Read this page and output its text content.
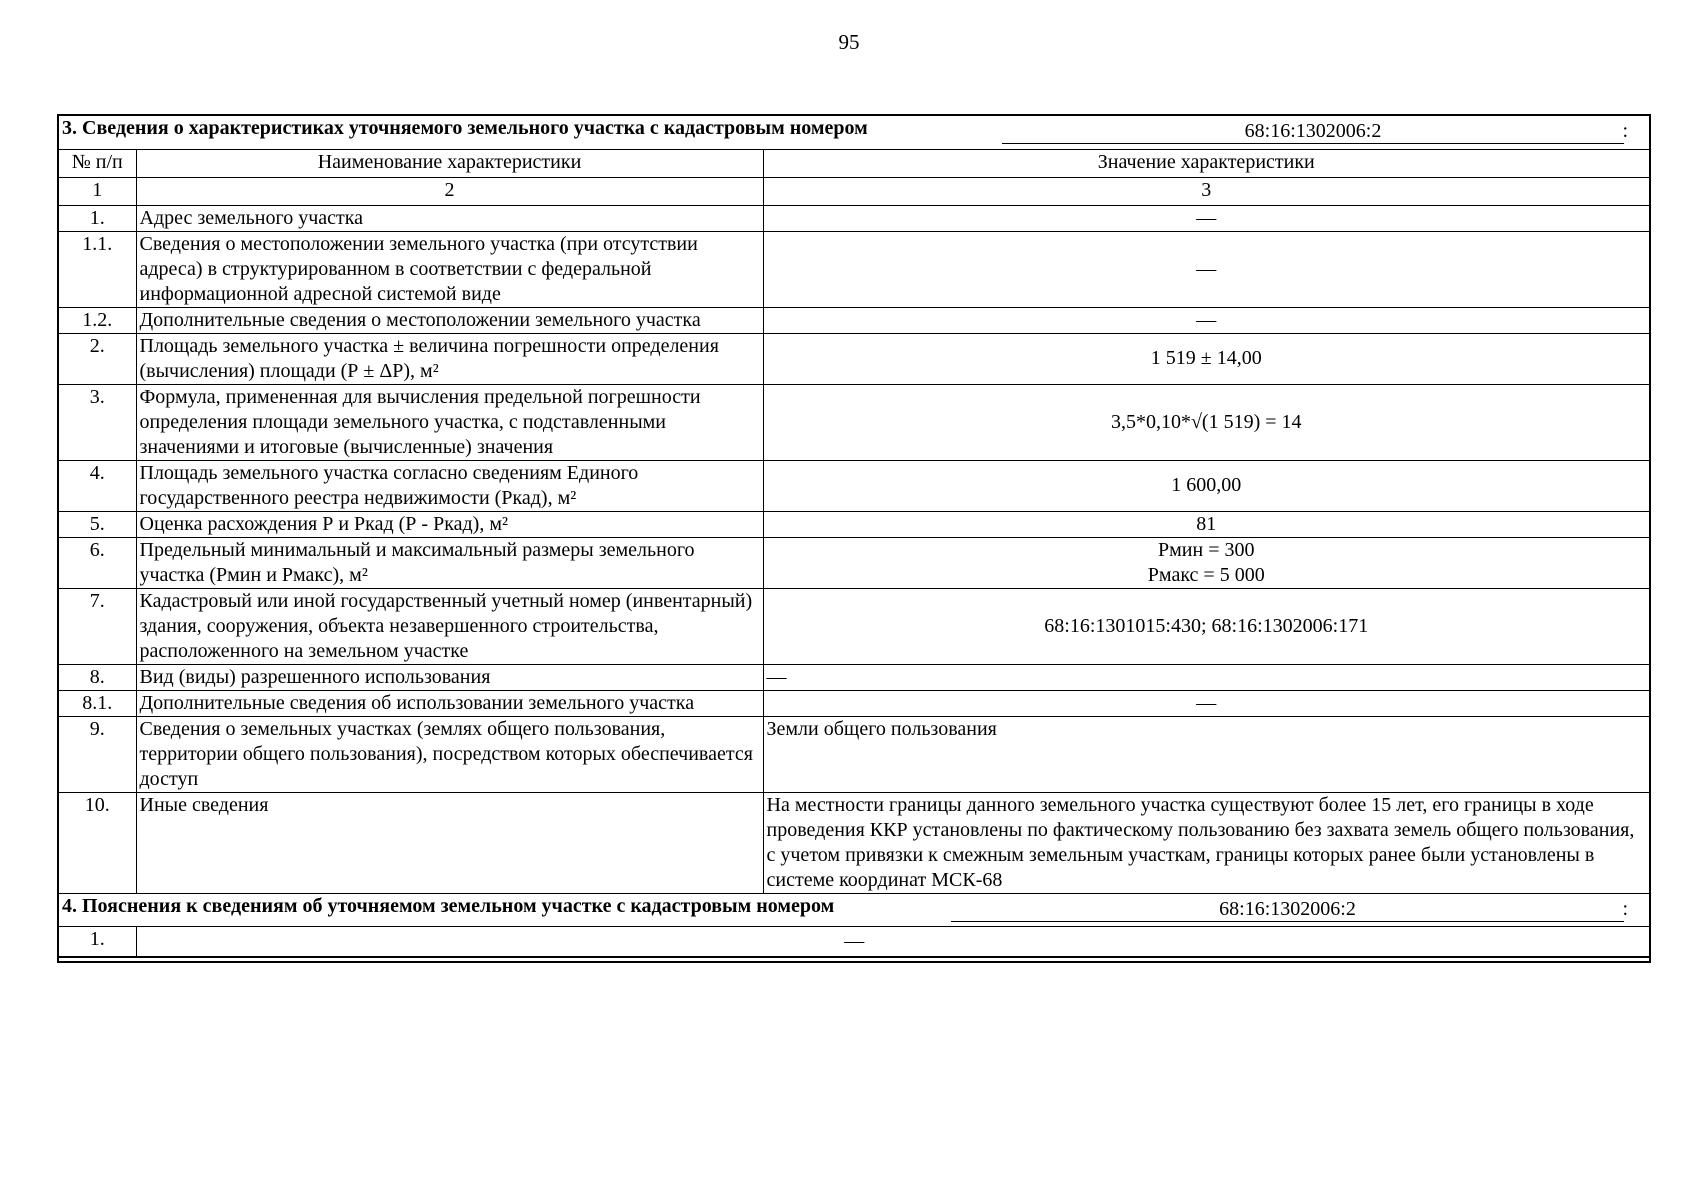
95
3. Сведения о характеристиках уточняемого земельного участка с кадастровым номером 68:16:1302006:2 :		

№ п/п	Наименование характеристики	Значение характеристики
1	2	3
1.	Адрес земельного участка	—
1.1.	Сведения о местоположении земельного участка (при отсутствии адреса) в структурированном в соответствии с федеральной информационной адресной системой виде	—
1.2.	Дополнительные сведения о местоположении земельного участка	—
2.	Площадь земельного участка ± величина погрешности определения (вычисления) площади (Р ± ΔР), м²	1 519 ± 14,00
3.	Формула, примененная для вычисления предельной погрешности определения площади земельного участка, с подставленными значениями и итоговые (вычисленные) значения	3,5*0,10*√(1 519) = 14
4.	Площадь земельного участка согласно сведениям Единого государственного реестра недвижимости (Ркад), м²	1 600,00
5.	Оценка расхождения Р и Ркад (Р - Ркад), м²	81
6.	Предельный минимальный и максимальный размеры земельного участка (Рмин и Рмакс), м²	Рмин = 300
Рмакс = 5 000

7.	Кадастровый или иной государственный учетный номер (инвентарный) здания, сооружения, объекта незавершенного строительства, расположенного на земельном участке	68:16:1301015:430; 68:16:1302006:171
8.	Вид (виды) разрешенного использования	—
8.1.	Дополнительные сведения об использовании земельного участка	—
9.	Сведения о земельных участках (землях общего пользования, территории общего пользования), посредством которых обеспечивается доступ	Земли общего пользования
10.	Иные сведения	На местности границы данного земельного участка существуют более 15 лет, его границы в ходе проведения ККР установлены по фактическому пользованию без захвата земель общего пользования, с учетом привязки к смежным земельным участкам, границы которых ранее были установлены в системе координат МСК-68

4. Пояснения к сведениям об уточняемом земельном участке с кадастровым номером 68:16:1302006:2 :		

1.	—	
